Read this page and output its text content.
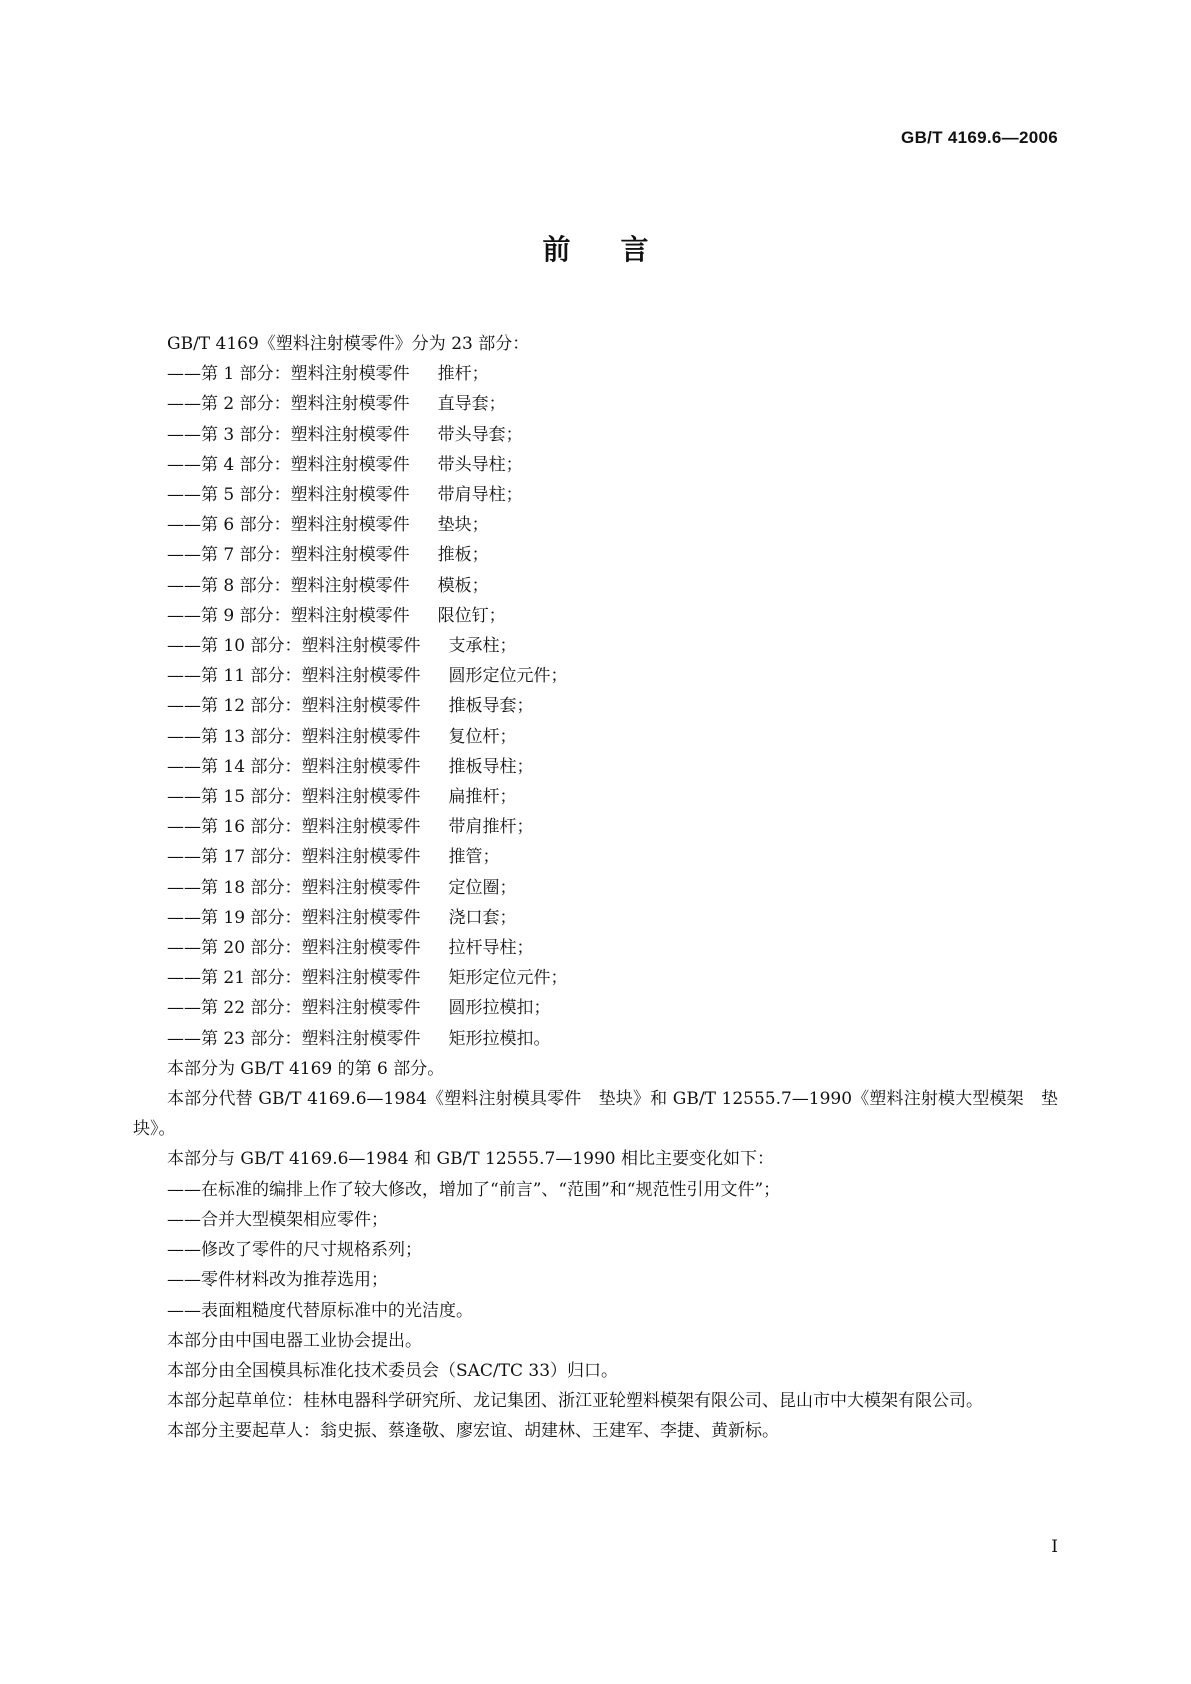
GB/T 4169.6—2006
前言

GB/T 4169《塑料注射模零件》分为 23 部分：

—— 第 1 部分：塑料注射模零件 推杆；
—— 第 2 部分：塑料注射模零件 直导套；
—— 第 3 部分：塑料注射模零件 带头导套；
—— 第 4 部分：塑料注射模零件 带头导柱；
—— 第 5 部分：塑料注射模零件 带肩导柱；
—— 第 6 部分：塑料注射模零件 垫块；
—— 第 7 部分：塑料注射模零件 推板；
—— 第 8 部分：塑料注射模零件 模板；
—— 第 9 部分：塑料注射模零件 限位钉；
—— 第 10 部分：塑料注射模零件 支承柱；
—— 第 11 部分：塑料注射模零件 圆形定位元件；
—— 第 12 部分：塑料注射模零件 推板导套；
—— 第 13 部分：塑料注射模零件 复位杆；
—— 第 14 部分：塑料注射模零件 推板导柱；
—— 第 15 部分：塑料注射模零件 扁推杆；
—— 第 16 部分：塑料注射模零件 带肩推杆；
—— 第 17 部分：塑料注射模零件 推管；
—— 第 18 部分：塑料注射模零件 定位圈；
—— 第 19 部分：塑料注射模零件 浇口套；
—— 第 20 部分：塑料注射模零件 拉杆导柱；
—— 第 21 部分：塑料注射模零件 矩形定位元件；
—— 第 22 部分：塑料注射模零件 圆形拉模扣；
—— 第 23 部分：塑料注射模零件 矩形拉模扣。

本部分为 GB/T 4169 的第 6 部分。

本部分代替 GB/T 4169.6—1984《塑料注射模具零件　垫块》和 GB/T 12555.7—1990《塑料注射模大型模架　垫块》。

本部分与 GB/T 4169.6—1984 和 GB/T 12555.7—1990 相比主要变化如下：

—— 在标准的编排上作了较大修改，增加了“前言”、“范围”和“规范性引用文件”；
—— 合并大型模架相应零件；
—— 修改了零件的尺寸规格系列；
—— 零件材料改为推荐选用；
—— 表面粗糙度代替原标准中的光洁度。

本部分由中国电器工业协会提出。

本部分由全国模具标准化技术委员会（SAC/TC 33）归口。

本部分起草单位：桂林电器科学研究所、龙记集团、浙江亚轮塑料模架有限公司、昆山市中大模架有限公司。

本部分主要起草人：翁史振、蔡逢敬、廖宏谊、胡建林、王建军、李捷、黄新标。

I
